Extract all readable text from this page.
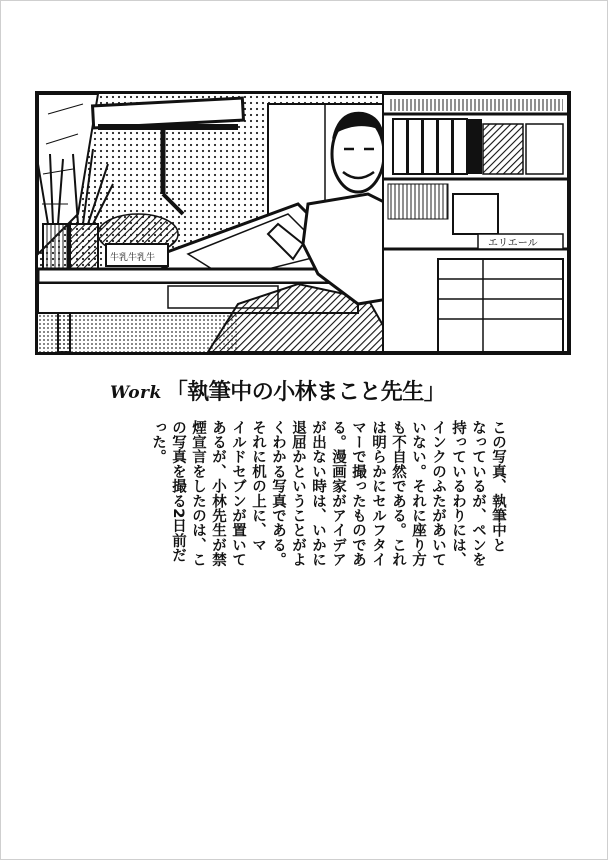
牛乳牛乳牛
エリエール
Work 「執筆中の小林まこと先生」
この写真、執筆中と
なっているが、ペンを
持っているわりには、
インクのふたがあいて
いない。それに座り方
も不自然である。これ
は明らかにセルフタイ
マーで撮ったものであ
る。漫画家がアイデア
が出ない時は、いかに
退屈かということがよ
くわかる写真である。
それに机の上に、マ
イルドセブンが置いて
あるが、小林先生が禁
煙宣言をしたのは、こ
の写真を撮る2日前だ
った。
